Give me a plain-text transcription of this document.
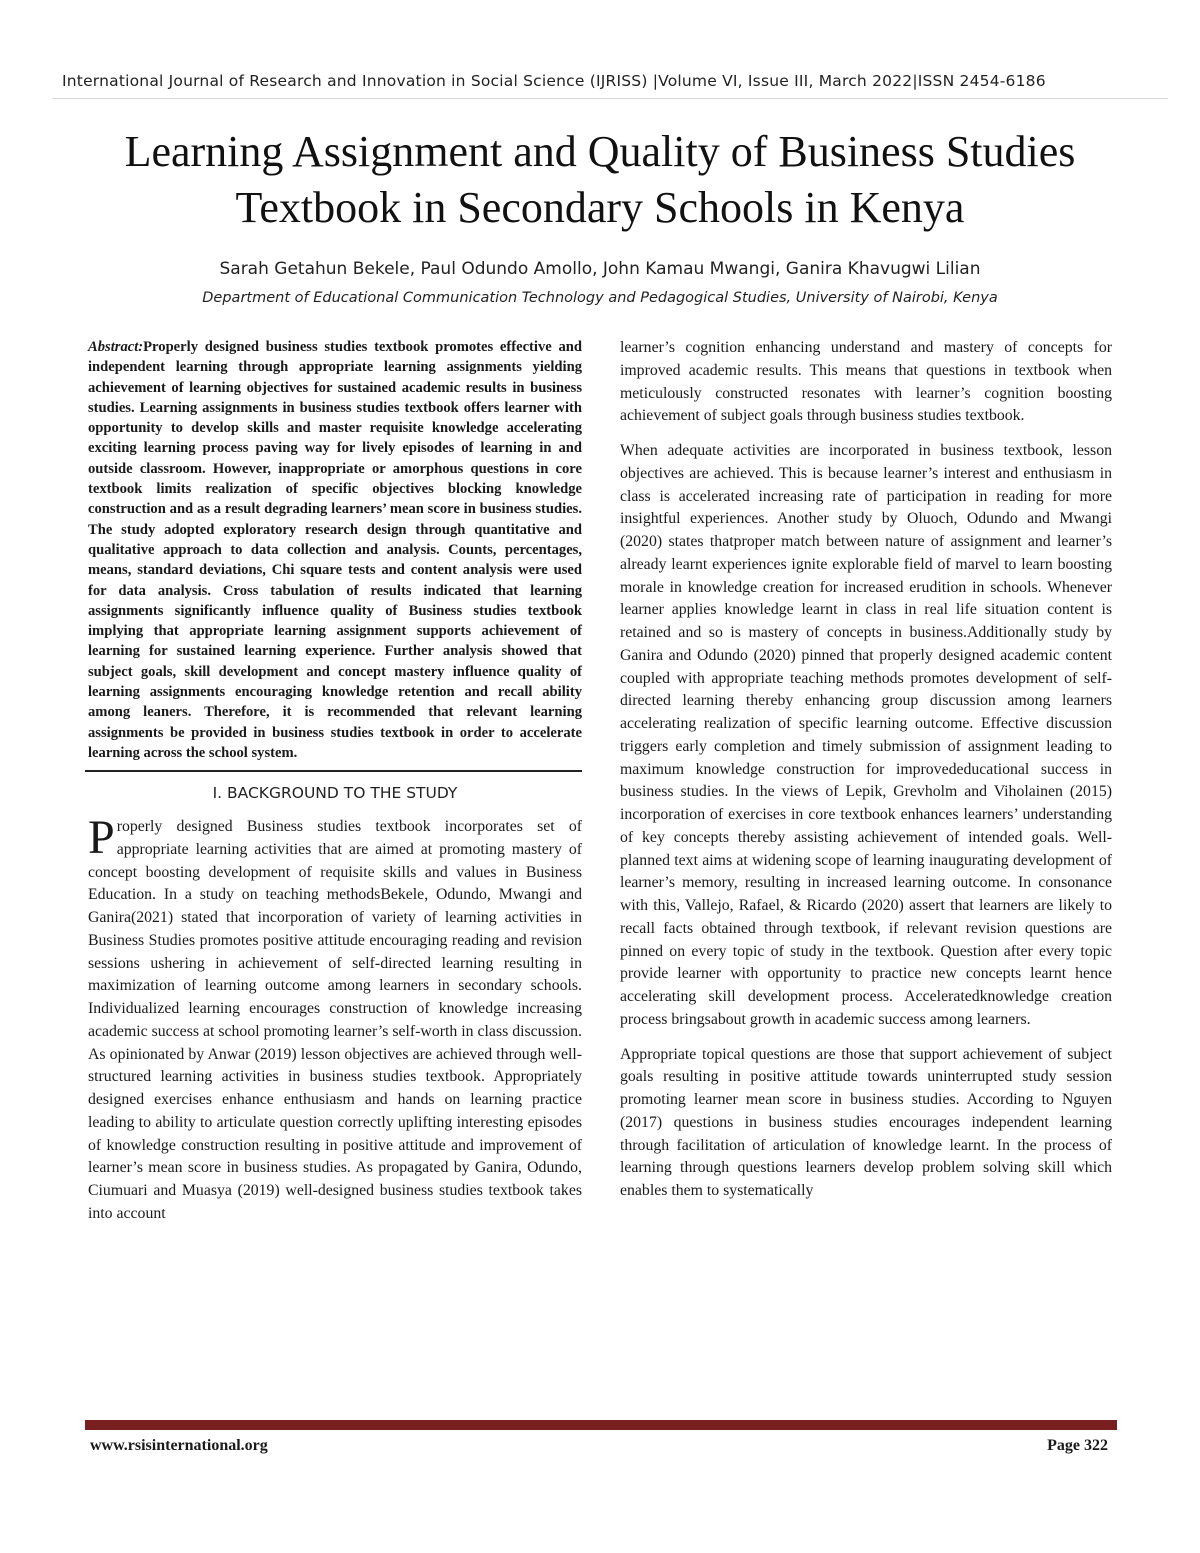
International Journal of Research and Innovation in Social Science (IJRISS) |Volume VI, Issue III, March 2022|ISSN 2454-6186
Learning Assignment and Quality of Business Studies
Textbook in Secondary Schools in Kenya
Sarah Getahun Bekele, Paul Odundo Amollo, John Kamau Mwangi, Ganira Khavugwi Lilian
Department of Educational Communication Technology and Pedagogical Studies, University of Nairobi, Kenya

Abstract:Properly designed business studies textbook promotes effective and independent learning through appropriate learning assignments yielding achievement of learning objectives for sustained academic results in business studies. Learning assignments in business studies textbook offers learner with opportunity to develop skills and master requisite knowledge accelerating exciting learning process paving way for lively episodes of learning in and outside classroom. However, inappropriate or amorphous questions in core textbook limits realization of specific objectives blocking knowledge construction and as a result degrading learners’ mean score in business studies. The study adopted exploratory research design through quantitative and qualitative approach to data collection and analysis. Counts, percentages, means, standard deviations, Chi square tests and content analysis were used for data analysis. Cross tabulation of results indicated that learning assignments significantly influence quality of Business studies textbook implying that appropriate learning assignment supports achievement of learning for sustained learning experience. Further analysis showed that subject goals, skill development and concept mastery influence quality of learning assignments encouraging knowledge retention and recall ability among leaners. Therefore, it is recommended that relevant learning assignments be provided in business studies textbook in order to accelerate learning across the school system.

I. BACKGROUND TO THE STUDY

Properly designed Business studies textbook incorporates set of appropriate learning activities that are aimed at promoting mastery of concept boosting development of requisite skills and values in Business Education. In a study on teaching methodsBekele, Odundo, Mwangi and Ganira(2021) stated that incorporation of variety of learning activities in Business Studies promotes positive attitude encouraging reading and revision sessions ushering in achievement of self-directed learning resulting in maximization of learning outcome among learners in secondary schools. Individualized learning encourages construction of knowledge increasing academic success at school promoting learner’s self-worth in class discussion. As opinionated by Anwar (2019) lesson objectives are achieved through well-structured learning activities in business studies textbook. Appropriately designed exercises enhance enthusiasm and hands on learning practice leading to ability to articulate question correctly uplifting interesting episodes of knowledge construction resulting in positive attitude and improvement of learner’s mean score in business studies. As propagated by Ganira, Odundo, Ciumuari and Muasya (2019) well-designed business studies textbook takes into account

learner’s cognition enhancing understand and mastery of concepts for improved academic results. This means that questions in textbook when meticulously constructed resonates with learner’s cognition boosting achievement of subject goals through business studies textbook.

When adequate activities are incorporated in business textbook, lesson objectives are achieved. This is because learner’s interest and enthusiasm in class is accelerated increasing rate of participation in reading for more insightful experiences. Another study by Oluoch, Odundo and Mwangi (2020) states thatproper match between nature of assignment and learner’s already learnt experiences ignite explorable field of marvel to learn boosting morale in knowledge creation for increased erudition in schools. Whenever learner applies knowledge learnt in class in real life situation content is retained and so is mastery of concepts in business.Additionally study by Ganira and Odundo (2020) pinned that properly designed academic content coupled with appropriate teaching methods promotes development of self-directed learning thereby enhancing group discussion among learners accelerating realization of specific learning outcome. Effective discussion triggers early completion and timely submission of assignment leading to maximum knowledge construction for improvededucational success in business studies. In the views of Lepik, Grevholm and Viholainen (2015) incorporation of exercises in core textbook enhances learners’ understanding of key concepts thereby assisting achievement of intended goals. Well-planned text aims at widening scope of learning inaugurating development of learner’s memory, resulting in increased learning outcome. In consonance with this, Vallejo, Rafael, & Ricardo (2020) assert that learners are likely to recall facts obtained through textbook, if relevant revision questions are pinned on every topic of study in the textbook. Question after every topic provide learner with opportunity to practice new concepts learnt hence accelerating skill development process. Acceleratedknowledge creation process bringsabout growth in academic success among learners.

Appropriate topical questions are those that support achievement of subject goals resulting in positive attitude towards uninterrupted study session promoting learner mean score in business studies. According to Nguyen (2017) questions in business studies encourages independent learning through facilitation of articulation of knowledge learnt. In the process of learning through questions learners develop problem solving skill which enables them to systematically

www.rsisinternational.org	Page 322
